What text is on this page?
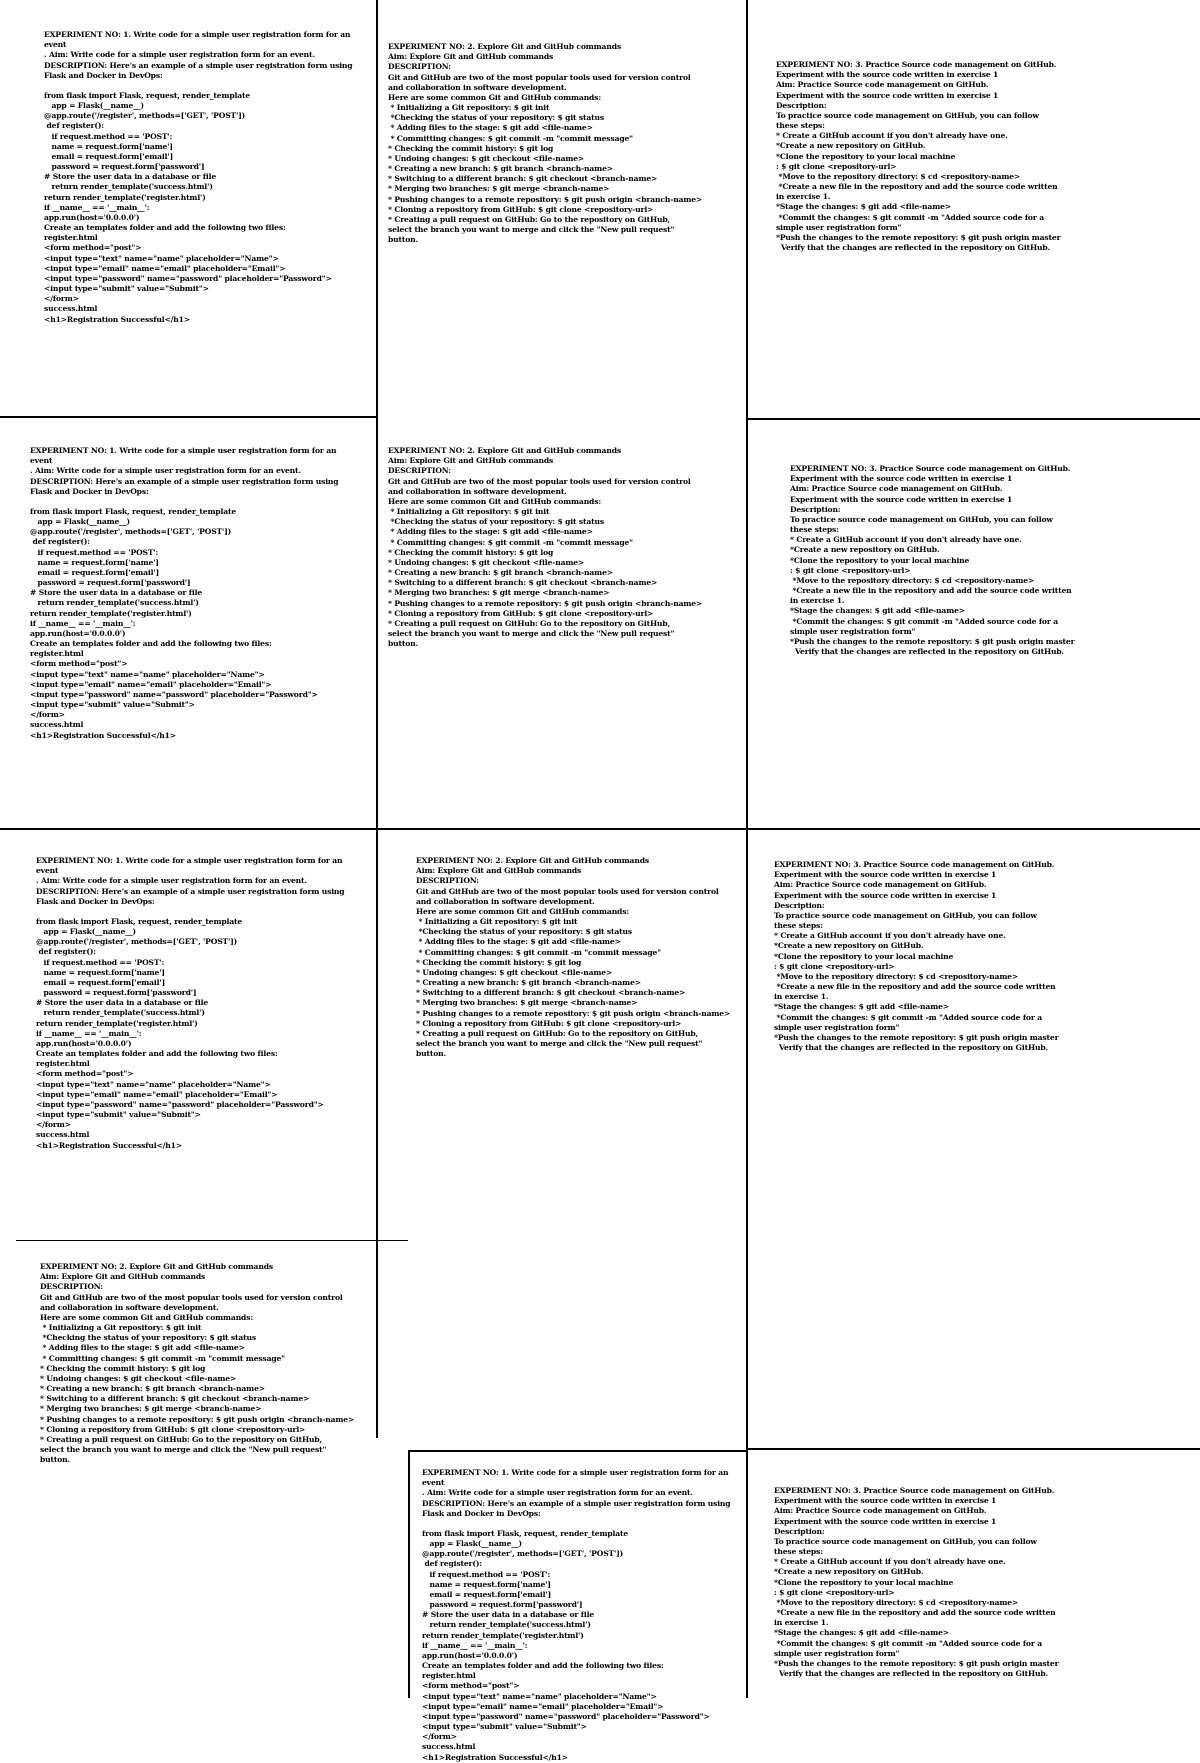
EXPERIMENT NO: 1. Write code for a simple user registration form for an
event
. Aim: Write code for a simple user registration form for an event.
DESCRIPTION: Here's an example of a simple user registration form using
Flask and Docker in DevOps:
from flask import Flask, request, render_template
app = Flask(__name__)
@app.route('/register', methods=['GET', 'POST'])
def register():
if request.method == 'POST':
name = request.form['name']
email = request.form['email']
password = request.form['password']
# Store the user data in a database or file
return render_template('success.html')
return render_template('register.html')
if __name__ == '__main__':
app.run(host='0.0.0.0')
Create an templates folder and add the following two files:
register.html
<form method="post">
<input type="text" name="name" placeholder="Name">
<input type="email" name="email" placeholder="Email">
<input type="password" name="password" placeholder="Password">
<input type="submit" value="Submit">
</form>
success.html
<h1>Registration Successful</h1>
EXPERIMENT NO: 2. Explore Git and GitHub commands
Aim: Explore Git and GitHub commands
DESCRIPTION:
Git and GitHub are two of the most popular tools used for version control
and collaboration in software development.
Here are some common Git and GitHub commands:
* Initializing a Git repository: $ git init
*Checking the status of your repository: $ git status
* Adding files to the stage: $ git add <file-name>
* Committing changes: $ git commit -m "commit message"
* Checking the commit history: $ git log
* Undoing changes: $ git checkout <file-name>
* Creating a new branch: $ git branch <branch-name>
* Switching to a different branch: $ git checkout <branch-name>
* Merging two branches: $ git merge <branch-name>
* Pushing changes to a remote repository: $ git push origin <branch-name>
* Cloning a repository from GitHub: $ git clone <repository-url>
* Creating a pull request on GitHub: Go to the repository on GitHub,
select the branch you want to merge and click the "New pull request"
button.
EXPERIMENT NO: 3. Practice Source code management on GitHub.
Experiment with the source code written in exercise 1
Aim: Practice Source code management on GitHub.
Experiment with the source code written in exercise 1
Description:
To practice source code management on GitHub, you can follow
these steps:
* Create a GitHub account if you don't already have one.
*Create a new repository on GitHub.
*Clone the repository to your local machine
: $ git clone <repository-url>
*Move to the repository directory: $ cd <repository-name>
*Create a new file in the repository and add the source code written
in exercise 1.
*Stage the changes: $ git add <file-name>
*Commit the changes: $ git commit -m "Added source code for a
simple user registration form"
*Push the changes to the remote repository: $ git push origin master
Verify that the changes are reflected in the repository on GitHub.
EXPERIMENT NO: 1. Write code for a simple user registration form for an
event
. Aim: Write code for a simple user registration form for an event.
DESCRIPTION: Here's an example of a simple user registration form using
Flask and Docker in DevOps:
from flask import Flask, request, render_template
app = Flask(__name__)
@app.route('/register', methods=['GET', 'POST'])
def register():
if request.method == 'POST':
name = request.form['name']
email = request.form['email']
password = request.form['password']
# Store the user data in a database or file
return render_template('success.html')
return render_template('register.html')
if __name__ == '__main__':
app.run(host='0.0.0.0')
Create an templates folder and add the following two files:
register.html
<form method="post">
<input type="text" name="name" placeholder="Name">
<input type="email" name="email" placeholder="Email">
<input type="password" name="password" placeholder="Password">
<input type="submit" value="Submit">
</form>
success.html
<h1>Registration Successful</h1>
EXPERIMENT NO: 2. Explore Git and GitHub commands
Aim: Explore Git and GitHub commands
DESCRIPTION:
Git and GitHub are two of the most popular tools used for version control
and collaboration in software development.
Here are some common Git and GitHub commands:
* Initializing a Git repository: $ git init
*Checking the status of your repository: $ git status
* Adding files to the stage: $ git add <file-name>
* Committing changes: $ git commit -m "commit message"
* Checking the commit history: $ git log
* Undoing changes: $ git checkout <file-name>
* Creating a new branch: $ git branch <branch-name>
* Switching to a different branch: $ git checkout <branch-name>
* Merging two branches: $ git merge <branch-name>
* Pushing changes to a remote repository: $ git push origin <branch-name>
* Cloning a repository from GitHub: $ git clone <repository-url>
* Creating a pull request on GitHub: Go to the repository on GitHub,
select the branch you want to merge and click the "New pull request"
button.
EXPERIMENT NO: 3. Practice Source code management on GitHub.
Experiment with the source code written in exercise 1
Aim: Practice Source code management on GitHub.
Experiment with the source code written in exercise 1
Description:
To practice source code management on GitHub, you can follow
these steps:
* Create a GitHub account if you don't already have one.
*Create a new repository on GitHub.
*Clone the repository to your local machine
: $ git clone <repository-url>
*Move to the repository directory: $ cd <repository-name>
*Create a new file in the repository and add the source code written
in exercise 1.
*Stage the changes: $ git add <file-name>
*Commit the changes: $ git commit -m "Added source code for a
simple user registration form"
*Push the changes to the remote repository: $ git push origin master
Verify that the changes are reflected in the repository on GitHub.
EXPERIMENT NO: 1. Write code for a simple user registration form for an
event
. Aim: Write code for a simple user registration form for an event.
DESCRIPTION: Here's an example of a simple user registration form using
Flask and Docker in DevOps:
from flask import Flask, request, render_template
app = Flask(__name__)
@app.route('/register', methods=['GET', 'POST'])
def register():
if request.method == 'POST':
name = request.form['name']
email = request.form['email']
password = request.form['password']
# Store the user data in a database or file
return render_template('success.html')
return render_template('register.html')
if __name__ == '__main__':
app.run(host='0.0.0.0')
Create an templates folder and add the following two files:
register.html
<form method="post">
<input type="text" name="name" placeholder="Name">
<input type="email" name="email" placeholder="Email">
<input type="password" name="password" placeholder="Password">
<input type="submit" value="Submit">
</form>
success.html
<h1>Registration Successful</h1>
EXPERIMENT NO: 2. Explore Git and GitHub commands
Aim: Explore Git and GitHub commands
DESCRIPTION:
Git and GitHub are two of the most popular tools used for version control
and collaboration in software development.
Here are some common Git and GitHub commands:
* Initializing a Git repository: $ git init
*Checking the status of your repository: $ git status
* Adding files to the stage: $ git add <file-name>
* Committing changes: $ git commit -m "commit message"
* Checking the commit history: $ git log
* Undoing changes: $ git checkout <file-name>
* Creating a new branch: $ git branch <branch-name>
* Switching to a different branch: $ git checkout <branch-name>
* Merging two branches: $ git merge <branch-name>
* Pushing changes to a remote repository: $ git push origin <branch-name>
* Cloning a repository from GitHub: $ git clone <repository-url>
* Creating a pull request on GitHub: Go to the repository on GitHub,
select the branch you want to merge and click the "New pull request"
button.
EXPERIMENT NO: 3. Practice Source code management on GitHub.
Experiment with the source code written in exercise 1
Aim: Practice Source code management on GitHub.
Experiment with the source code written in exercise 1
Description:
To practice source code management on GitHub, you can follow
these steps:
* Create a GitHub account if you don't already have one.
*Create a new repository on GitHub.
*Clone the repository to your local machine
: $ git clone <repository-url>
*Move to the repository directory: $ cd <repository-name>
*Create a new file in the repository and add the source code written
in exercise 1.
*Stage the changes: $ git add <file-name>
*Commit the changes: $ git commit -m "Added source code for a
simple user registration form"
*Push the changes to the remote repository: $ git push origin master
Verify that the changes are reflected in the repository on GitHub.
EXPERIMENT NO: 2. Explore Git and GitHub commands
Aim: Explore Git and GitHub commands
DESCRIPTION:
Git and GitHub are two of the most popular tools used for version control
and collaboration in software development.
Here are some common Git and GitHub commands:
* Initializing a Git repository: $ git init
*Checking the status of your repository: $ git status
* Adding files to the stage: $ git add <file-name>
* Committing changes: $ git commit -m "commit message"
* Checking the commit history: $ git log
* Undoing changes: $ git checkout <file-name>
* Creating a new branch: $ git branch <branch-name>
* Switching to a different branch: $ git checkout <branch-name>
* Merging two branches: $ git merge <branch-name>
* Pushing changes to a remote repository: $ git push origin <branch-name>
* Cloning a repository from GitHub: $ git clone <repository-url>
* Creating a pull request on GitHub: Go to the repository on GitHub,
select the branch you want to merge and click the "New pull request"
button.
EXPERIMENT NO: 1. Write code for a simple user registration form for an
event
. Aim: Write code for a simple user registration form for an event.
DESCRIPTION: Here's an example of a simple user registration form using
Flask and Docker in DevOps:
from flask import Flask, request, render_template
app = Flask(__name__)
@app.route('/register', methods=['GET', 'POST'])
def register():
if request.method == 'POST':
name = request.form['name']
email = request.form['email']
password = request.form['password']
# Store the user data in a database or file
return render_template('success.html')
return render_template('register.html')
if __name__ == '__main__':
app.run(host='0.0.0.0')
Create an templates folder and add the following two files:
register.html
<form method="post">
<input type="text" name="name" placeholder="Name">
<input type="email" name="email" placeholder="Email">
<input type="password" name="password" placeholder="Password">
<input type="submit" value="Submit">
</form>
success.html
<h1>Registration Successful</h1>
EXPERIMENT NO: 3. Practice Source code management on GitHub.
Experiment with the source code written in exercise 1
Aim: Practice Source code management on GitHub.
Experiment with the source code written in exercise 1
Description:
To practice source code management on GitHub, you can follow
these steps:
* Create a GitHub account if you don't already have one.
*Create a new repository on GitHub.
*Clone the repository to your local machine
: $ git clone <repository-url>
*Move to the repository directory: $ cd <repository-name>
*Create a new file in the repository and add the source code written
in exercise 1.
*Stage the changes: $ git add <file-name>
*Commit the changes: $ git commit -m "Added source code for a
simple user registration form"
*Push the changes to the remote repository: $ git push origin master
Verify that the changes are reflected in the repository on GitHub.
